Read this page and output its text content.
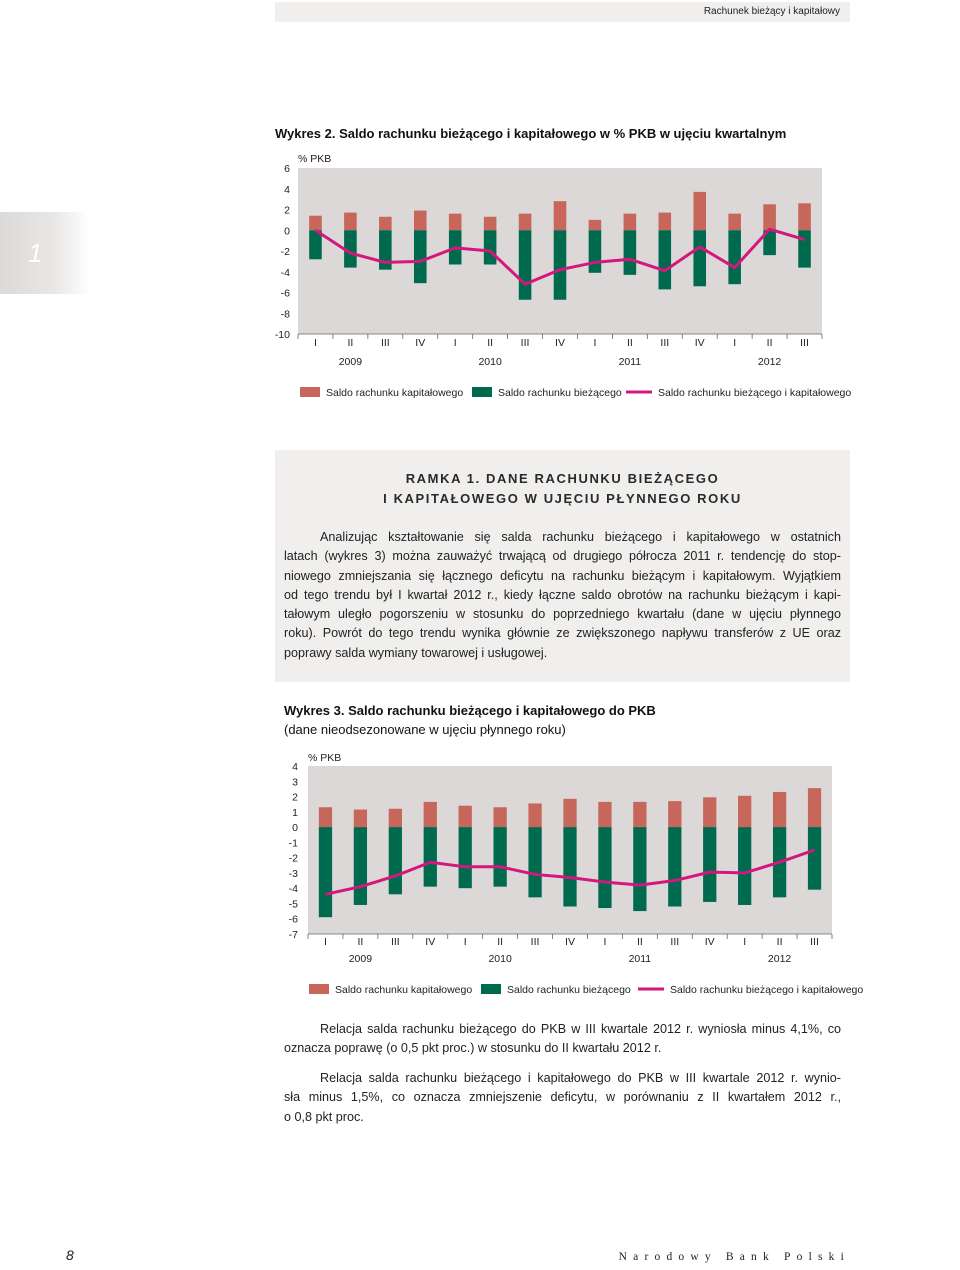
Rachunek bieżący i kapitałowy
1
Wykres 2. Saldo rachunku bieżącego i kapitałowego w % PKB w ujęciu kwartalnym
6
4
2
0
-2
-4
-6
-8
-10
% PKB
I	II	III IV	I	II	III IV	I	II	III IV	I	II	III
2009	2010	2011	2012
Saldo rachunku kapitałowego	Saldo rachunku bieżącego	Saldo rachunku bieżącego i kapitałowego
RAMKA 1. DANE RACHUNKU BIEŻĄCEGO
I KAPITAŁOWEGO W UJĘCIU PŁYNNEGO ROKU
Analizując kształtowanie się salda rachunku bieżącego i kapitałowego w ostatnich
latach (wykres 3) można zauważyć trwającą od drugiego półrocza 2011 r. tendencję do stop-
niowego zmniejszania się łącznego deficytu na rachunku bieżącym i kapitałowym. Wyjątkiem
od tego trendu był I kwartał 2012 r., kiedy łączne saldo obrotów na rachunku bieżącym i kapi-
tałowym uległo pogorszeniu w stosunku do poprzedniego kwartału (dane w ujęciu płynnego
roku). Powrót do tego trendu wynika głównie ze zwiększonego napływu transferów z UE oraz
poprawy salda wymiany towarowej i usługowej.
Wykres 3. Saldo rachunku bieżącego i kapitałowego do PKB
(dane nieodsezonowane w ujęciu płynnego roku)
4
3
2
1
0
-1
-2
-3
-4
-5
-6
-7
% PKB
I	II	III IV	I	II	III IV	I	II	III IV	I	II	III
2009	2010	2011	2012
Saldo rachunku kapitałowego	Saldo rachunku bieżącego	Saldo rachunku bieżącego i kapitałowego
Relacja salda rachunku bieżącego do PKB w III kwartale 2012 r. wyniosła minus 4,1%, co
oznacza poprawę (o 0,5 pkt proc.) w stosunku do II kwartału 2012 r.
Relacja salda rachunku bieżącego i kapitałowego do PKB w III kwartale 2012 r. wynio-
sła minus 1,5%, co oznacza zmniejszenie deficytu, w porównaniu z II kwartałem 2012 r.,
o 0,8 pkt proc.
8	Narodowy Bank Polski
